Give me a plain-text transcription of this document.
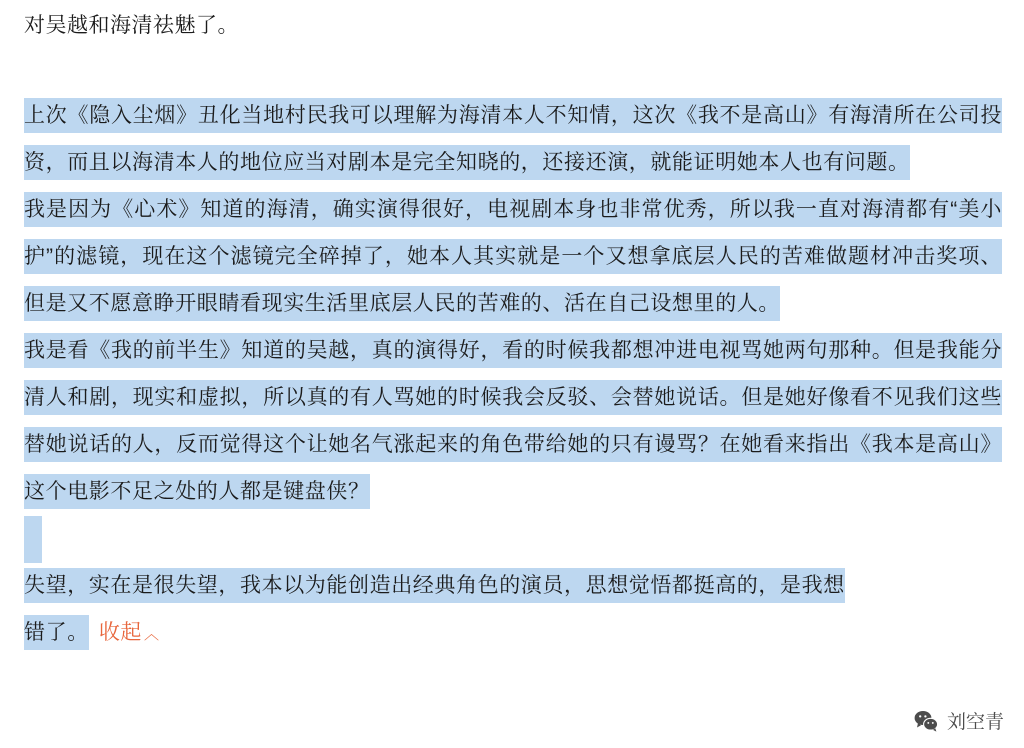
对吴越和海清祛魅了。

上次《隐入尘烟》丑化当地村民我可以理解为海清本人不知情，这次《我不是高山》有海清所在公司投资，而且以海清本人的地位应当对剧本是完全知晓的，还接还演，就能证明她本人也有问题。

我是因为《心术》知道的海清，确实演得很好，电视剧本身也非常优秀，所以我一直对海清都有“美小护”的滤镜，现在这个滤镜完全碎掉了，她本人其实就是一个又想拿底层人民的苦难做题材冲击奖项、但是又不愿意睁开眼睛看现实生活里底层人民的苦难的、活在自己设想里的人。

我是看《我的前半生》知道的吴越，真的演得好，看的时候我都想冲进电视骂她两句那种。但是我能分清人和剧，现实和虚拟，所以真的有人骂她的时候我会反驳、会替她说话。但是她好像看不见我们这些替她说话的人，反而觉得这个让她名气涨起来的角色带给她的只有谩骂？在她看来指出《我本是高山》这个电影不足之处的人都是键盘侠？

失望，实在是很失望，我本以为能创造出经典角色的演员，思想觉悟都挺高的，是我想

错了。 收起 ︿
刘空青
